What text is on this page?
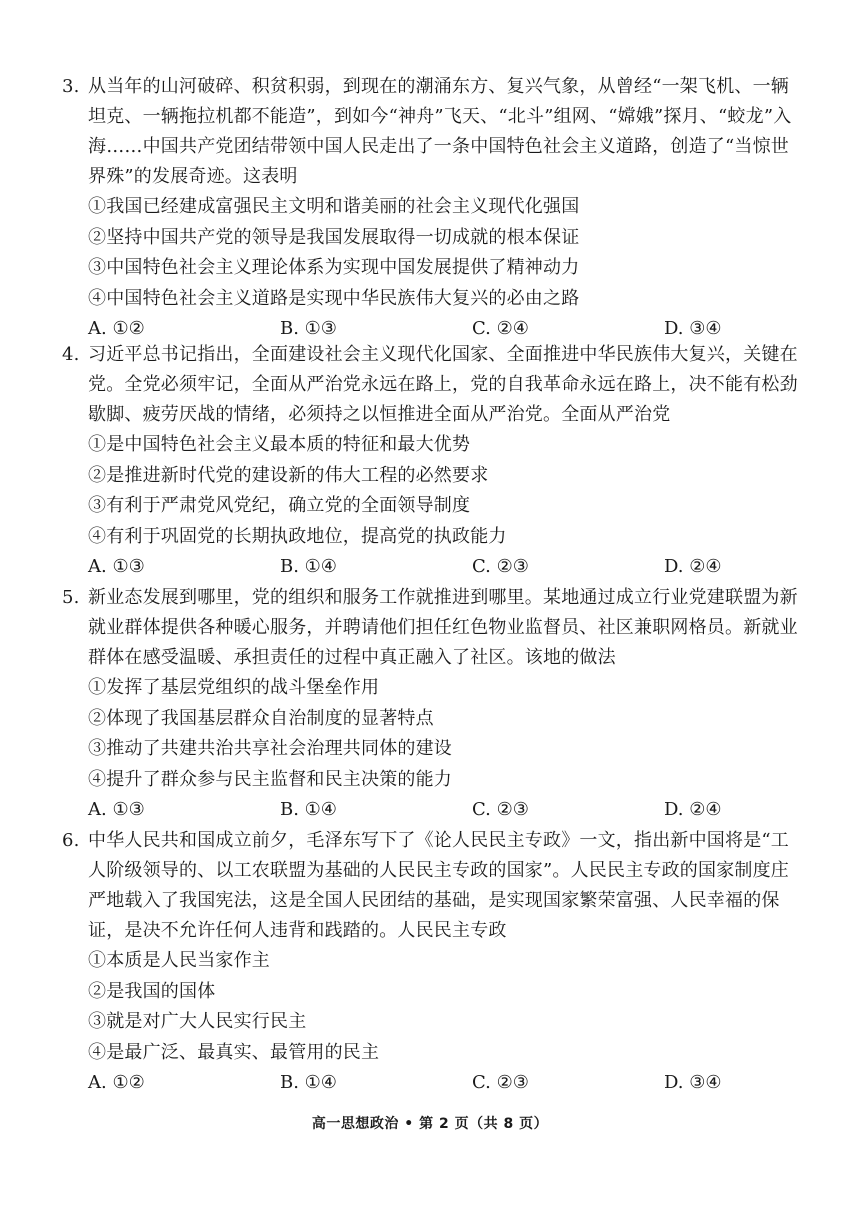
3. 从当年的山河破碎、积贫积弱，到现在的潮涌东方、复兴气象，从曾经“一架飞机、一辆坦克、一辆拖拉机都不能造”，到如今“神舟”飞天、“北斗”组网、“嫦娥”探月、“蛟龙”入海……中国共产党团结带领中国人民走出了一条中国特色社会主义道路，创造了“当惊世界殊”的发展奇迹。这表明
①我国已经建成富强民主文明和谐美丽的社会主义现代化强国
②坚持中国共产党的领导是我国发展取得一切成就的根本保证
③中国特色社会主义理论体系为实现中国发展提供了精神动力
④中国特色社会主义道路是实现中华民族伟大复兴的必由之路
A. ①②	B. ①③	C. ②④	D. ③④
4. 习近平总书记指出，全面建设社会主义现代化国家、全面推进中华民族伟大复兴，关键在党。全党必须牢记，全面从严治党永远在路上，党的自我革命永远在路上，决不能有松劲歇脚、疲劳厌战的情绪，必须持之以恒推进全面从严治党。全面从严治党
①是中国特色社会主义最本质的特征和最大优势
②是推进新时代党的建设新的伟大工程的必然要求
③有利于严肃党风党纪，确立党的全面领导制度
④有利于巩固党的长期执政地位，提高党的执政能力
A. ①③	B. ①④	C. ②③	D. ②④
5. 新业态发展到哪里，党的组织和服务工作就推进到哪里。某地通过成立行业党建联盟为新就业群体提供各种暖心服务，并聘请他们担任红色物业监督员、社区兼职网格员。新就业群体在感受温暖、承担责任的过程中真正融入了社区。该地的做法
①发挥了基层党组织的战斗堡垒作用
②体现了我国基层群众自治制度的显著特点
③推动了共建共治共享社会治理共同体的建设
④提升了群众参与民主监督和民主决策的能力
A. ①③	B. ①④	C. ②③	D. ②④
6. 中华人民共和国成立前夕，毛泽东写下了《论人民民主专政》一文，指出新中国将是“工人阶级领导的、以工农联盟为基础的人民民主专政的国家”。人民民主专政的国家制度庄严地载入了我国宪法，这是全国人民团结的基础，是实现国家繁荣富强、人民幸福的保证，是决不允许任何人违背和践踏的。人民民主专政
①本质是人民当家作主
②是我国的国体
③就是对广大人民实行民主
④是最广泛、最真实、最管用的民主
A. ①②	B. ①④	C. ②③	D. ③④
高一思想政治 • 第 2 页（共 8 页）
